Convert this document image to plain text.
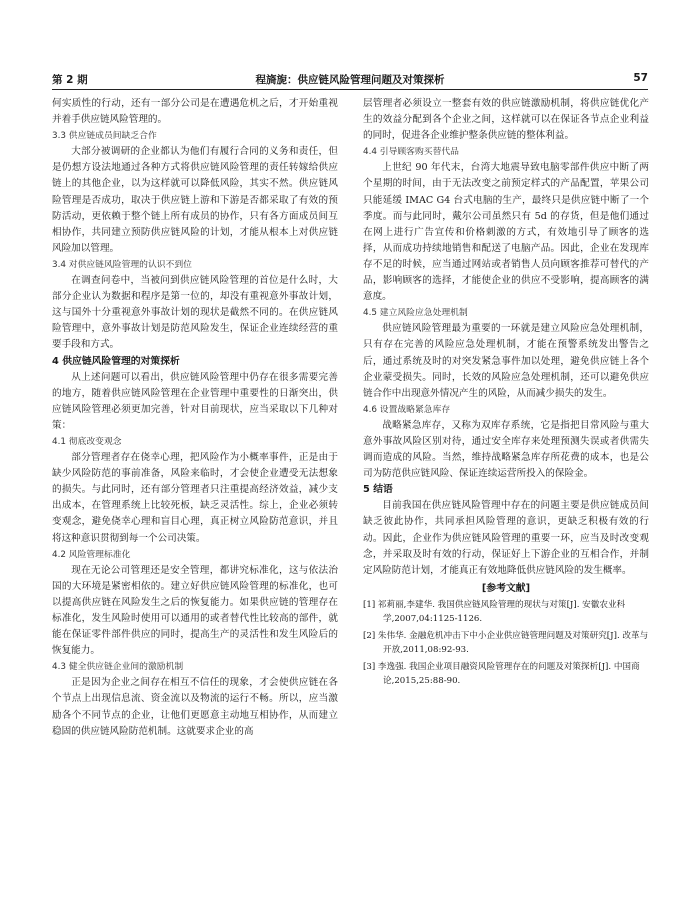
第 2 期	程旖旎：供应链风险管理问题及对策探析	57

何实质性的行动，还有一部分公司是在遭遇危机之后，才开始重视并着手供应链风险管理的。

3.3 供应链成员间缺乏合作

大部分被调研的企业都认为他们有履行合同的义务和责任，但是仍想方设法地通过各种方式将供应链风险管理的责任转嫁给供应链上的其他企业，以为这样就可以降低风险，其实不然。供应链风险管理是否成功，取决于供应链上游和下游是否都采取了有效的预防活动，更依赖于整个链上所有成员的协作，只有各方面成员间互相协作，共同建立预防供应链风险的计划，才能从根本上对供应链风险加以管理。

3.4 对供应链风险管理的认识不到位

在调查问卷中，当被问到供应链风险管理的首位是什么时，大部分企业认为数据和程序是第一位的，却没有重视意外事故计划，这与国外十分重视意外事故计划的现状是截然不同的。在供应链风险管理中，意外事故计划是防范风险发生，保证企业连续经营的重要手段和方式。

4 供应链风险管理的对策探析

从上述问题可以看出，供应链风险管理中仍存在很多需要完善的地方，随着供应链风险管理在企业管理中重要性的日渐突出，供应链风险管理必须更加完善，针对目前现状，应当采取以下几种对策：

4.1 彻底改变观念

部分管理者存在侥幸心理，把风险作为小概率事件，正是由于缺少风险防范的事前准备，风险来临时，才会使企业遭受无法想象的损失。与此同时，还有部分管理者只注重提高经济效益，减少支出成本，在管理系统上比较死板，缺乏灵活性。综上，企业必须转变观念，避免侥幸心理和盲目心理，真正树立风险防范意识，并且将这种意识贯彻到每一个公司决策。

4.2 风险管理标准化

现在无论公司管理还是安全管理，都讲究标准化，这与依法治国的大环境是紧密相依的。建立好供应链风险管理的标准化，也可以提高供应链在风险发生之后的恢复能力。如果供应链的管理存在标准化，发生风险时使用可以通用的或者替代性比较高的部件，就能在保证零件部件供应的同时，提高生产的灵活性和发生风险后的恢复能力。

4.3 健全供应链企业间的激励机制

正是因为企业之间存在相互不信任的现象，才会使供应链在各个节点上出现信息流、资金流以及物流的运行不畅。所以，应当激励各个不同节点的企业，让他们更愿意主动地互相协作，从而建立稳固的供应链风险防范机制。这就要求企业的高

层管理者必须设立一整套有效的供应链激励机制，将供应链优化产生的效益分配到各个企业之间，这样就可以在保证各节点企业利益的同时，促进各企业维护整条供应链的整体利益。

4.4 引导顾客购买替代品

上世纪 90 年代末，台湾大地震导致电脑零部件供应中断了两个星期的时间，由于无法改变之前预定样式的产品配置，苹果公司只能延缓 IMAC G4 台式电脑的生产，最终只是供应链中断了一个季度。而与此同时，戴尔公司虽然只有 5d 的存货，但是他们通过在网上进行广告宣传和价格刺激的方式，有效地引导了顾客的选择，从而成功持续地销售和配送了电脑产品。因此，企业在发现库存不足的时候，应当通过网站或者销售人员向顾客推荐可替代的产品，影响顾客的选择，才能使企业的供应不受影响，提高顾客的满意度。

4.5 建立风险应急处理机制

供应链风险管理最为重要的一环就是建立风险应急处理机制，只有存在完善的风险应急处理机制，才能在预警系统发出警告之后，通过系统及时的对突发紧急事件加以处理，避免供应链上各个企业蒙受损失。同时，长效的风险应急处理机制，还可以避免供应链合作中出现意外情况产生的风险，从而减少损失的发生。

4.6 设置战略紧急库存

战略紧急库存，又称为双库存系统，它是指把目常风险与重大意外事故风险区别对待，通过安全库存来处理预测失误或者供需失调而造成的风险。当然，维持战略紧急库存所花费的成本，也是公司为防范供应链风险、保证连续运营所投入的保险金。

5 结语

目前我国在供应链风险管理中存在的问题主要是供应链成员间缺乏彼此协作，共同承担风险管理的意识，更缺乏积极有效的行动。因此，企业作为供应链风险管理的重要一环，应当及时改变观念，并采取及时有效的行动，保证好上下游企业的互相合作，并制定风险防范计划，才能真正有效地降低供应链风险的发生概率。

[参考文献]
[1] 祁莉丽,李建华. 我国供应链风险管理的现状与对策[J]. 安徽农业科学,2007,04:1125-1126.
[2] 朱伟华. 金融危机冲击下中小企业供应链管理问题及对策研究[J]. 改革与开放,2011,08:92-93.
[3] 李逸强. 我国企业项目融资风险管理存在的问题及对策探析[J]. 中国商论,2015,25:88-90.
